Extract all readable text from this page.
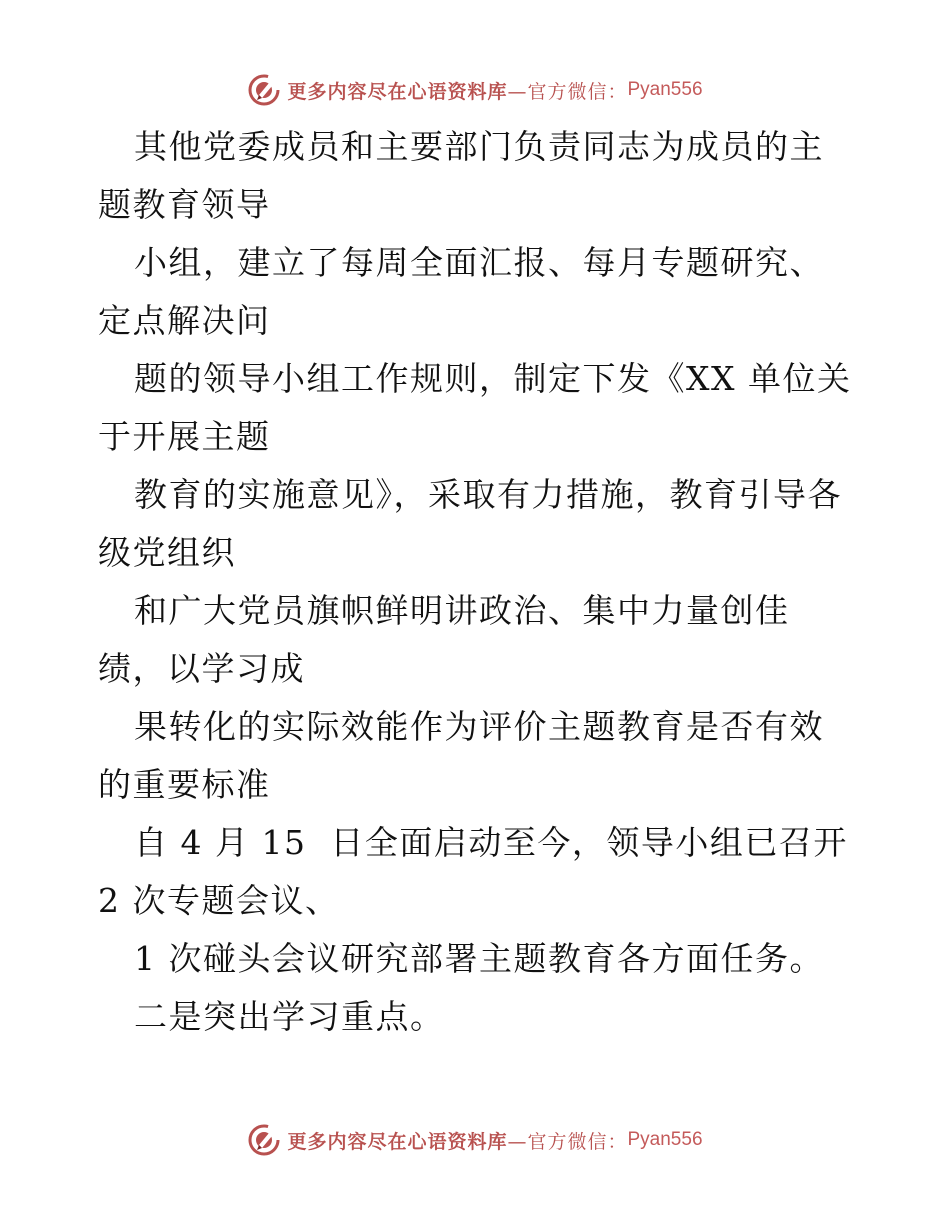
更多内容尽在心语资料库 —官方微信： Pyan556

其他党委成员和主要部门负责同志为成员的主题教育领导

小组，建立了每周全面汇报、每月专题研究、定点解决问

题的领导小组工作规则，制定下发《XX 单位关于开展主题

教育的实施意见》，采取有力措施，教育引导各级党组织

和广大党员旗帜鲜明讲政治、集中力量创佳绩，以学习成

果转化的实际效能作为评价主题教育是否有效的重要标准

自 4 月 15  日全面启动至今，领导小组已召开  2 次专题会议、

1 次碰头会议研究部署主题教育各方面任务。

二是突出学习重点。

更多内容尽在心语资料库 —官方微信： Pyan556
